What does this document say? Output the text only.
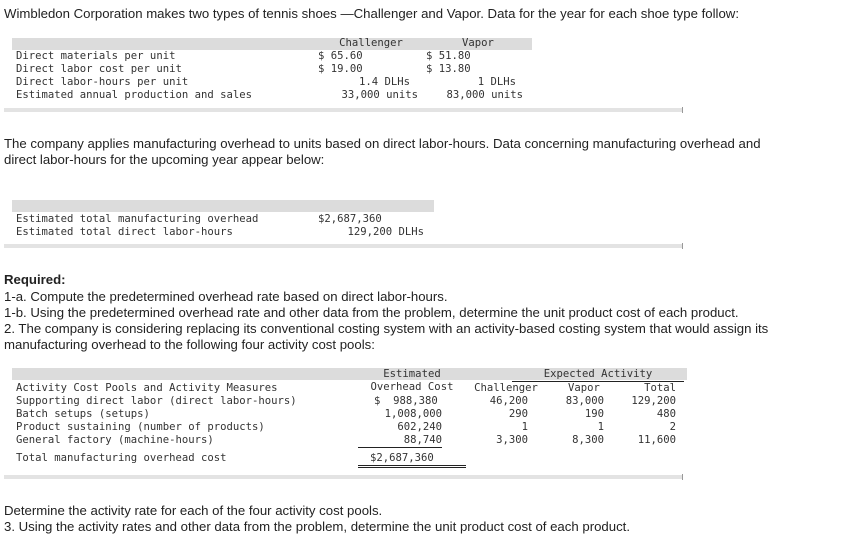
Wimbledon Corporation makes two types of tennis shoes —Challenger and Vapor. Data for the year for each shoe type follow:
Challenger	Vapor
Direct materials per unit	$ 65.60	$ 51.80
Direct labor cost per unit	$ 19.00	$ 13.80
Direct labor-hours per unit	1.4 DLHs	1 DLHs
Estimated annual production and sales	33,000 units	83,000 units
The company applies manufacturing overhead to units based on direct labor-hours. Data concerning manufacturing overhead and
direct labor-hours for the upcoming year appear below:
Estimated total manufacturing overhead	$2,687,360
Estimated total direct labor-hours	129,200 DLHs
Required:
1-a. Compute the predetermined overhead rate based on direct labor-hours.
1-b. Using the predetermined overhead rate and other data from the problem, determine the unit product cost of each product.
2. The company is considering replacing its conventional costing system with an activity-based costing system that would assign its
manufacturing overhead to the following four activity cost pools:
Estimated	Expected Activity
Activity Cost Pools and Activity Measures	Overhead Cost	Challenger	Vapor	Total
Supporting direct labor (direct labor-hours)	$  988,380	46,200	83,000	129,200
Batch setups (setups)	1,008,000	290	190	480
Product sustaining (number of products)	602,240	1	1	2
General factory (machine-hours)	88,740	3,300	8,300	11,600
Total manufacturing overhead cost	$2,687,360
Determine the activity rate for each of the four activity cost pools.
3. Using the activity rates and other data from the problem, determine the unit product cost of each product.
